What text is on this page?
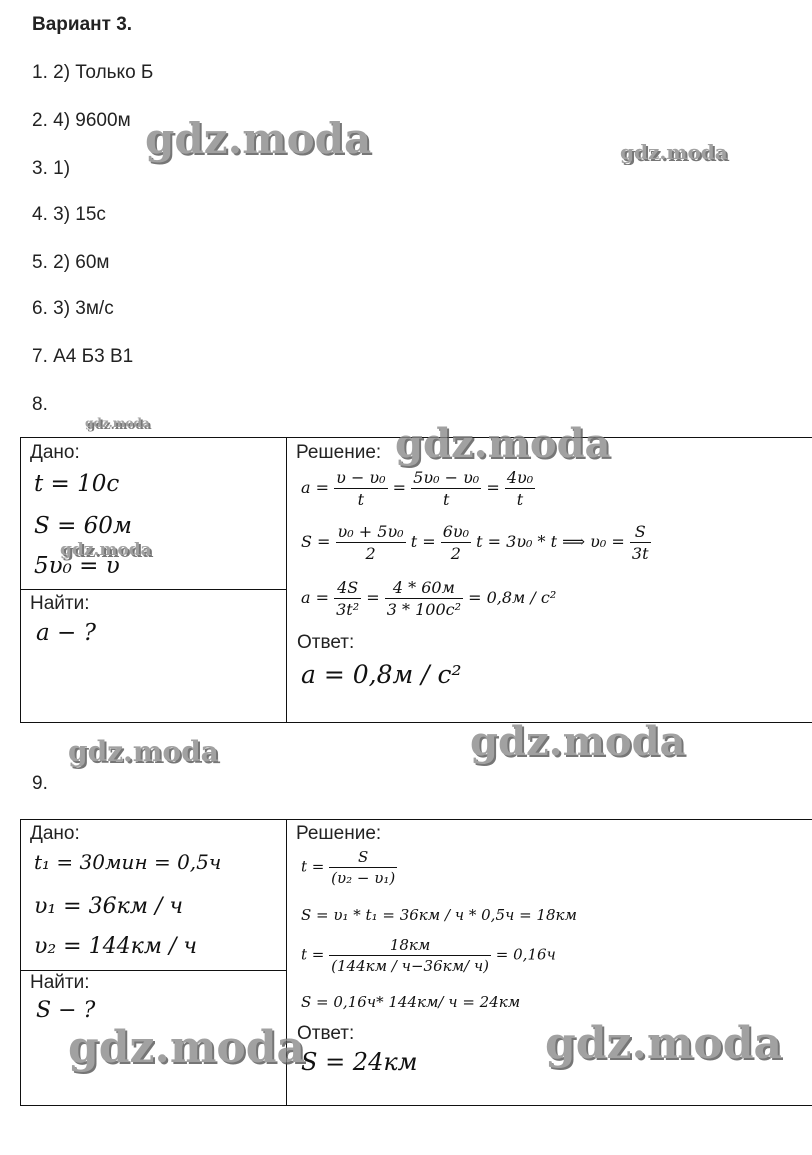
Вариант 3.
1. 2) Только Б
2. 4) 9600м
3. 1)
4. 3) 15с
5. 2) 60м
6. 3) 3м/с
7. А4 Б3 В1
8.
Дано:
t = 10c
S = 60м
5υ₀ = υ
Найти:
a − ?
Решение:
$a = \frac{\text{υ − υ₀}}{t} = \frac{\text{5υ₀ − υ₀}}{t} = \frac{\text{4υ₀}}{t}$
$S = \frac{\text{υ₀ + 5υ₀}}{2}$ $t = \frac{\text{6υ₀}}{2}$ t = 3υ₀ * t ⟹ $\upsilon_0 = \frac{S}{3t}$
$a = \frac{4S}{\text{3t²}} = \frac{4 * 60м}{\text{3 * 100c²}} = 0,8м / c^2$
Ответ:
a = 0,8м / c²
9.
Дано:
t₁ = 30мин = 0,5ч
υ₁ = 36км / ч
υ₂ = 144км / ч
Найти:
S − ?
Решение:
$t = \frac{S}{\text{(υ₂ − υ₁)}}$
S = υ₁ * t₁ = 36км / ч * 0,5ч = 18км
$t = \frac{18км}{(144км / ч-36км/ ч)} = 0,16ч$
S = 0,16ч* 144км/ ч = 24км
Ответ:
S = 24км
gdz.moda	gdz.moda
gdz.moda	gdz.moda
gdz.moda
gdz.moda	gdz.moda
gdz.moda	gdz.moda
